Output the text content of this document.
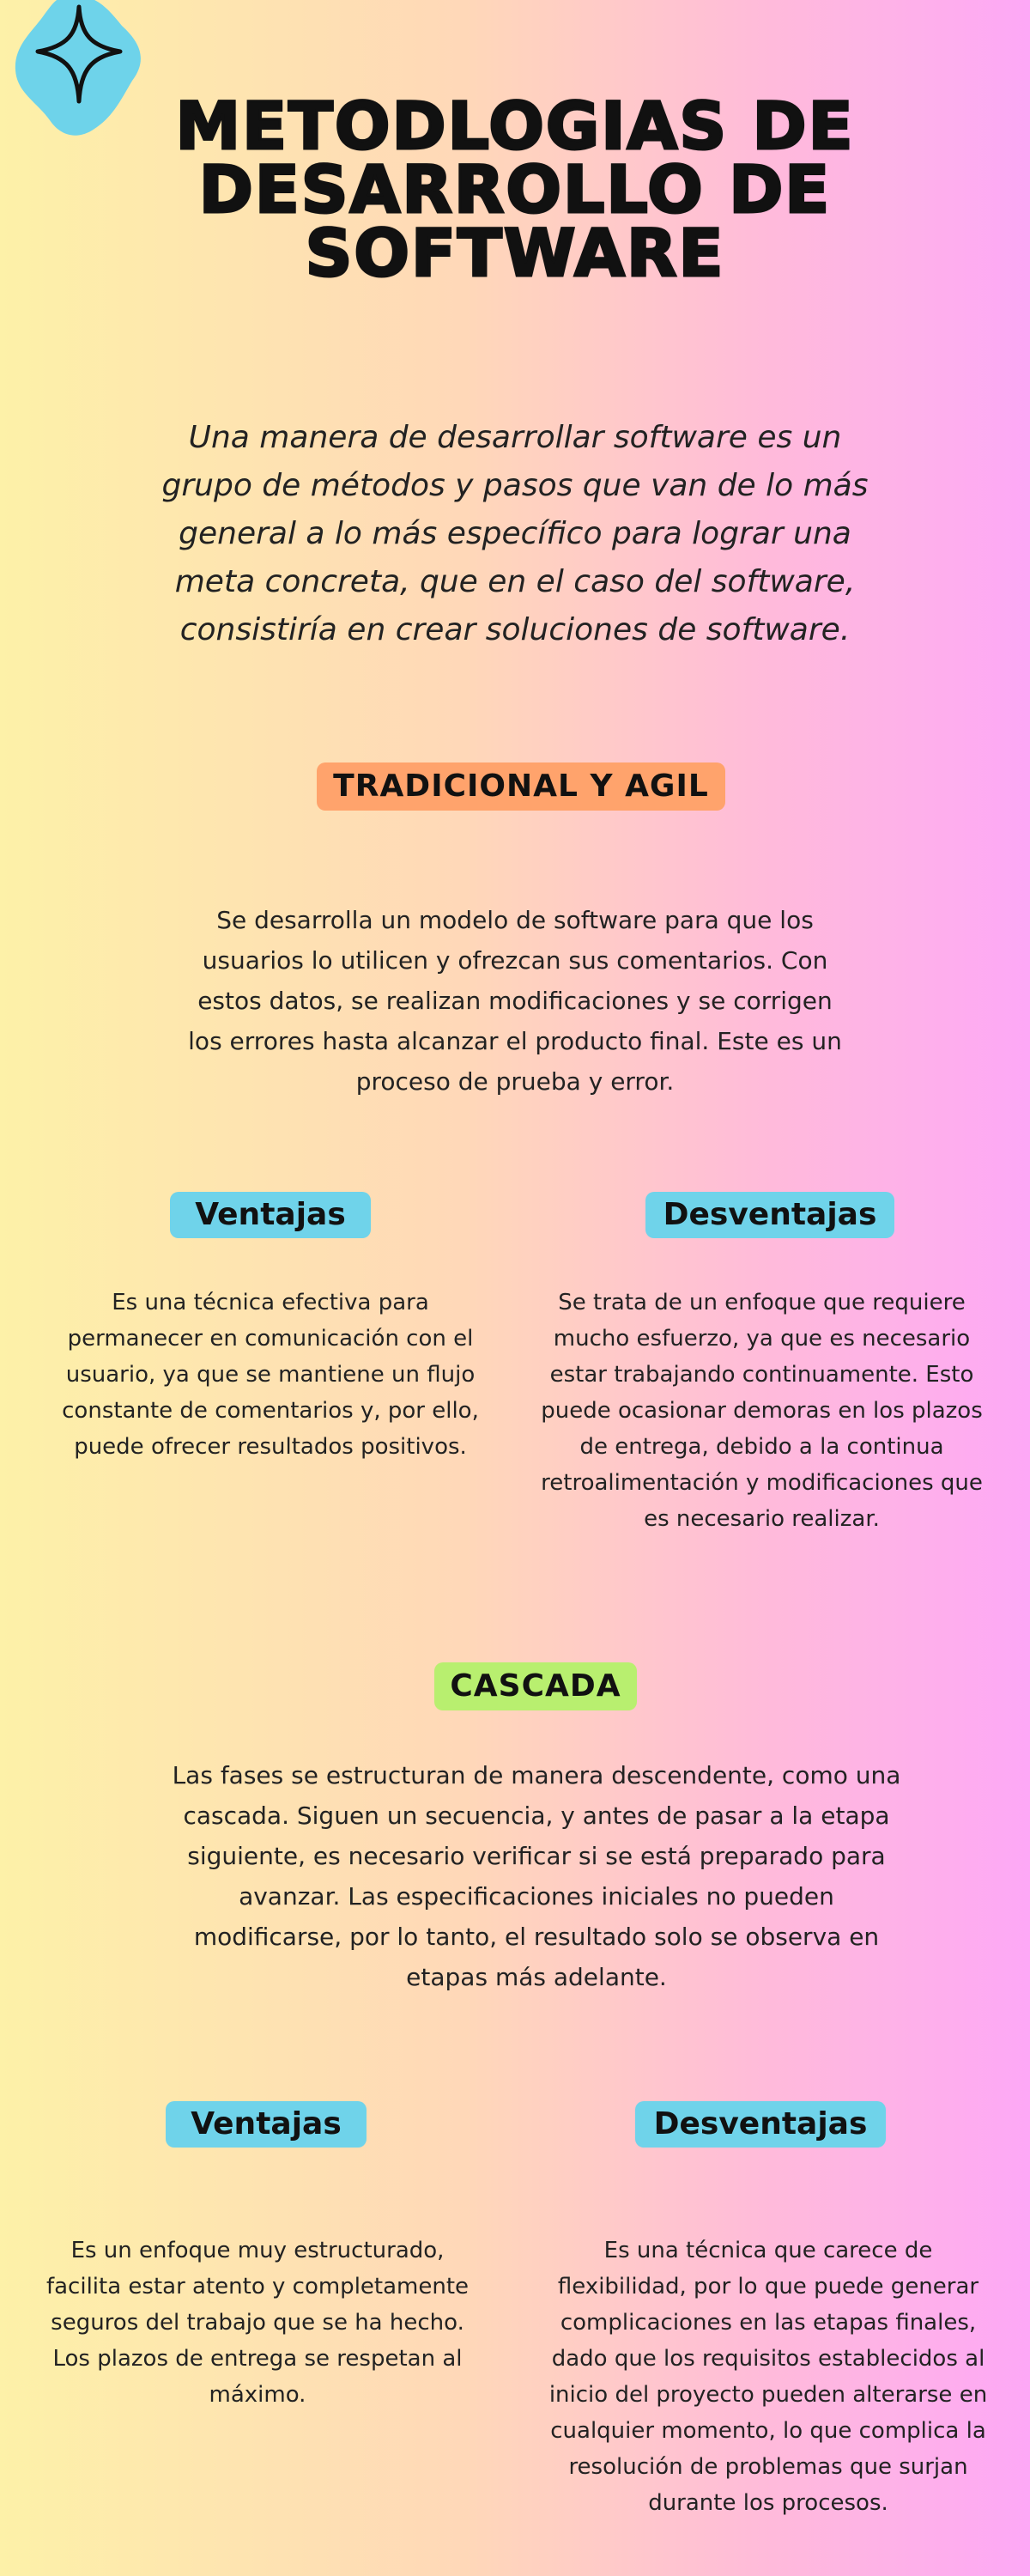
METODLOGIAS DE DESARROLLO DE SOFTWARE

Una manera de desarrollar software es un grupo de métodos y pasos que van de lo más general a lo más específico para lograr una meta concreta, que en el caso del software, consistiría en crear soluciones de software.

TRADICIONAL Y AGIL

Se desarrolla un modelo de software para que los usuarios lo utilicen y ofrezcan sus comentarios. Con estos datos, se realizan modificaciones y se corrigen los errores hasta alcanzar el producto final. Este es un proceso de prueba y error.

Ventajas	Desventajas

Es una técnica efectiva para permanecer en comunicación con el usuario, ya que se mantiene un flujo constante de comentarios y, por ello, puede ofrecer resultados positivos.

Se trata de un enfoque que requiere mucho esfuerzo, ya que es necesario estar trabajando continuamente. Esto puede ocasionar demoras en los plazos de entrega, debido a la continua retroalimentación y modificaciones que es necesario realizar.

CASCADA

Las fases se estructuran de manera descendente, como una cascada. Siguen un secuencia, y antes de pasar a la etapa siguiente, es necesario verificar si se está preparado para avanzar. Las especificaciones iniciales no pueden modificarse, por lo tanto, el resultado solo se observa en etapas más adelante.

Ventajas	Desventajas

Es un enfoque muy estructurado, facilita estar atento y completamente seguros del trabajo que se ha hecho. Los plazos de entrega se respetan al máximo.

Es una técnica que carece de flexibilidad, por lo que puede generar complicaciones en las etapas finales, dado que los requisitos establecidos al inicio del proyecto pueden alterarse en cualquier momento, lo que complica la resolución de problemas que surjan durante los procesos.
